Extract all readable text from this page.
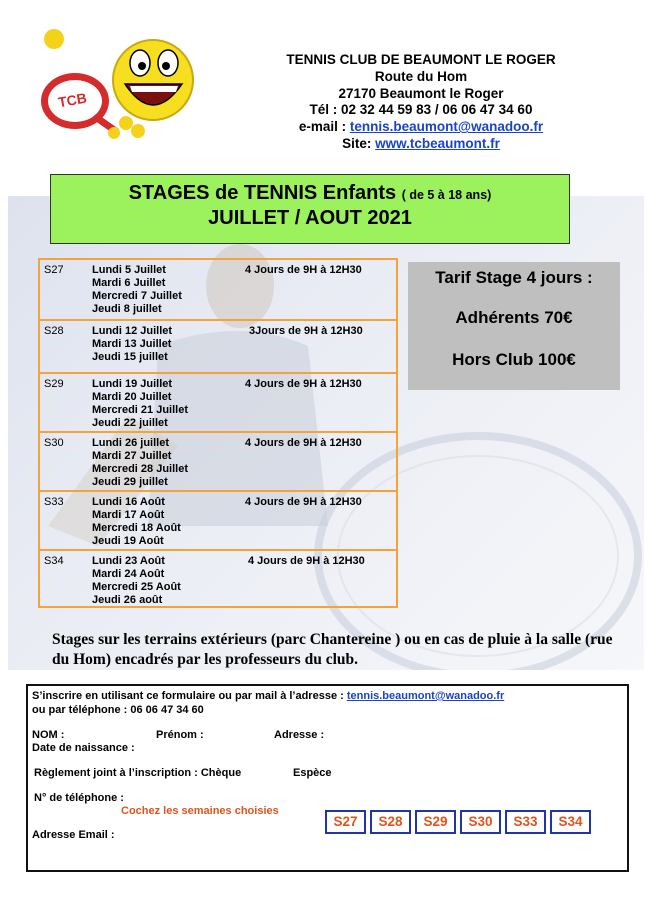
TCB
TENNIS CLUB DE BEAUMONT LE ROGER
Route du Hom
27170 Beaumont le Roger
Tél : 02 32 44 59 83 / 06 06 47 34 60
e-mail : tennis.beaumont@wanadoo.fr
Site: www.tcbeaumont.fr
STAGES de TENNIS Enfants ( de 5 à 18 ans)
JUILLET / AOUT 2021
S27	Lundi 5 Juillet
Mardi 6 Juillet
Mercredi 7 Juillet
Jeudi 8 juillet
4 Jours de 9H à 12H30
S28	Lundi 12 Juillet
Mardi 13 Juillet
Jeudi 15 juillet
3Jours de 9H à 12H30
S29	Lundi 19 Juillet
Mardi 20 Juillet
Mercredi 21 Juillet
Jeudi 22 juillet
4 Jours de 9H à 12H30
S30	Lundi 26 juillet
Mardi 27 Juillet
Mercredi 28 Juillet
Jeudi 29 juillet
4 Jours de 9H à 12H30
S33	Lundi 16 Août
Mardi 17 Août
Mercredi 18 Août
Jeudi 19 Août
4 Jours de 9H à 12H30
S34	Lundi 23 Août
Mardi 24 Août
Mercredi 25 Août
Jeudi 26 août
4 Jours de 9H à 12H30
Tarif Stage 4 jours :
Adhérents 70€
Hors Club 100€
Stages sur les terrains extérieurs (parc Chantereine ) ou en cas de pluie à la salle (rue du Hom) encadrés par les professeurs du club.
S’inscrire en utilisant ce formulaire ou par mail à l’adresse : tennis.beaumont@wanadoo.fr
ou par téléphone : 06 06 47 34 60
NOM :	Prénom :	Adresse :
Date de naissance :
Règlement joint à l’inscription : Chèque	Espèce
N° de téléphone :
Cochez les semaines choisies
S27	S28	S29	S30	S33	S34
Adresse Email :
